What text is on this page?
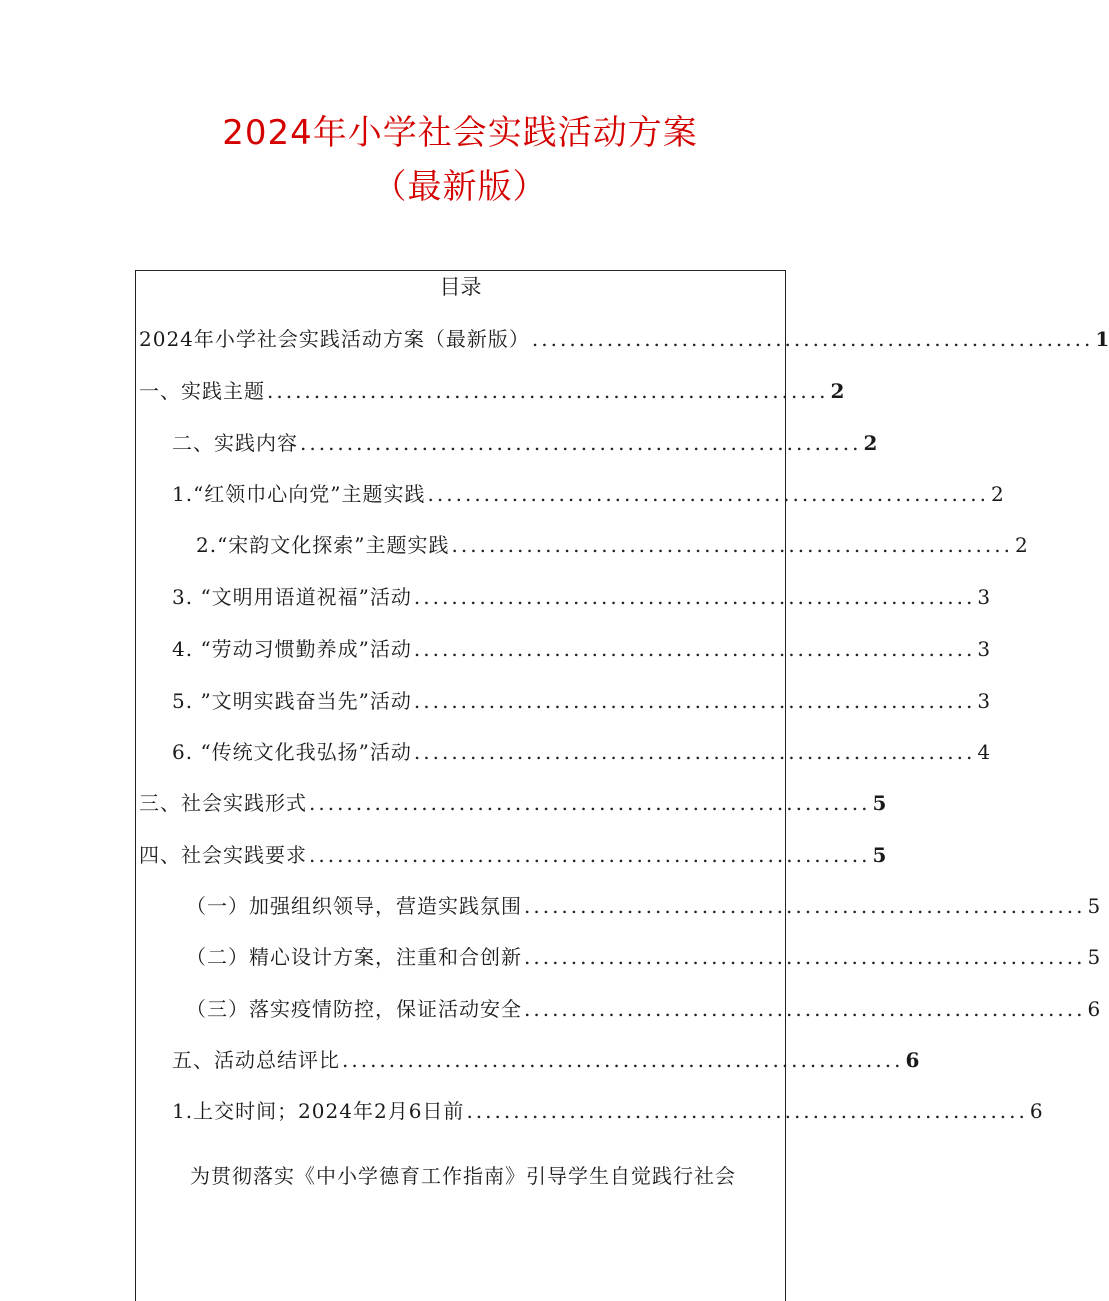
2024年小学社会实践活动方案
（最新版）
目录
2024年小学社会实践活动方案（最新版） ............................................................ 1
一、实践主题 ............................................................ 2
二、实践内容 ............................................................ 2
1.“红领巾心向党”主题实践 ............................................................ 2
2.“宋韵文化探索”主题实践 ............................................................ 2
3. “文明用语道祝福”活动 ............................................................ 3
4. “劳动习惯勤养成”活动 ............................................................ 3
5. ”文明实践奋当先”活动 ............................................................ 3
6. “传统文化我弘扬”活动 ............................................................ 4
三、社会实践形式 ............................................................ 5
四、社会实践要求 ............................................................ 5
（一）加强组织领导，营造实践氛围 ............................................................ 5
（二）精心设计方案，注重和合创新 ............................................................ 5
（三）落实疫情防控，保证活动安全 ............................................................ 6
五、活动总结评比 ............................................................ 6
1.上交时间；2024年2月6日前 ............................................................ 6
为贯彻落实《中小学德育工作指南》引导学生自觉践行社会
